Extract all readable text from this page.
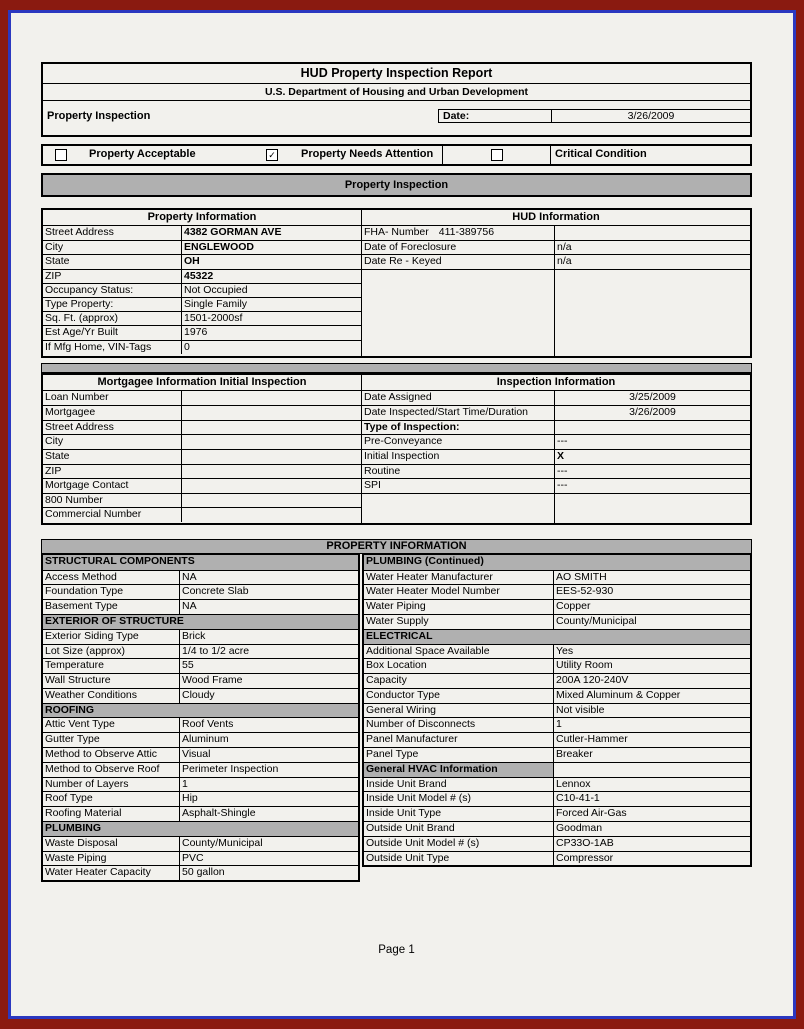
HUD Property Inspection Report
U.S. Department of Housing and Urban Development
Property Inspection	Date:	3/26/2009
Property Acceptable	✓ Property Needs Attention	Critical Condition
Property Inspection
Property Information	HUD Information
Street Address	4382 GORMAN AVE
City	ENGLEWOOD
State	OH
ZIP	45322
Occupancy Status:	Not Occupied
Type Property:	Single Family
Sq. Ft. (approx)	1501-2000sf
Est Age/Yr Built	1976
If Mfg Home, VIN-Tags	0
FHA- Number 411-389756
Date of Foreclosure	n/a
Date Re - Keyed	n/a
Mortgagee Information Initial Inspection	Inspection Information
Loan Number
Mortgagee
Street Address
City
State
ZIP
Mortgage Contact
800 Number
Commercial Number
Date Assigned	3/25/2009
Date Inspected/Start Time/Duration	3/26/2009
Type of Inspection:
Pre-Conveyance	---
Initial Inspection	X
Routine	---
SPI	---
PROPERTY INFORMATION
STRUCTURAL COMPONENTS
Access Method	NA
Foundation Type	Concrete Slab
Basement Type	NA
EXTERIOR OF STRUCTURE
Exterior Siding Type	Brick
Lot Size (approx)	1/4 to 1/2 acre
Temperature	55
Wall Structure	Wood Frame
Weather Conditions	Cloudy
ROOFING
Attic Vent Type	Roof Vents
Gutter Type	Aluminum
Method to Observe Attic	Visual
Method to Observe Roof	Perimeter Inspection
Number of Layers	1
Roof Type	Hip
Roofing Material	Asphalt-Shingle
PLUMBING
Waste Disposal	County/Municipal
Waste Piping	PVC
Water Heater Capacity	50 gallon
PLUMBING (Continued)
Water Heater Manufacturer	AO SMITH
Water Heater Model Number	EES-52-930
Water Piping	Copper
Water Supply	County/Municipal
ELECTRICAL
Additional Space Available	Yes
Box Location	Utility Room
Capacity	200A 120-240V
Conductor Type	Mixed Aluminum & Copper
General Wiring	Not visible
Number of Disconnects	1
Panel Manufacturer	Cutler-Hammer
Panel Type	Breaker
General HVAC Information
Inside Unit Brand	Lennox
Inside Unit Model # (s)	C10-41-1
Inside Unit Type	Forced Air-Gas
Outside Unit Brand	Goodman
Outside Unit Model # (s)	CP33O-1AB
Outside Unit Type	Compressor
Page 1
